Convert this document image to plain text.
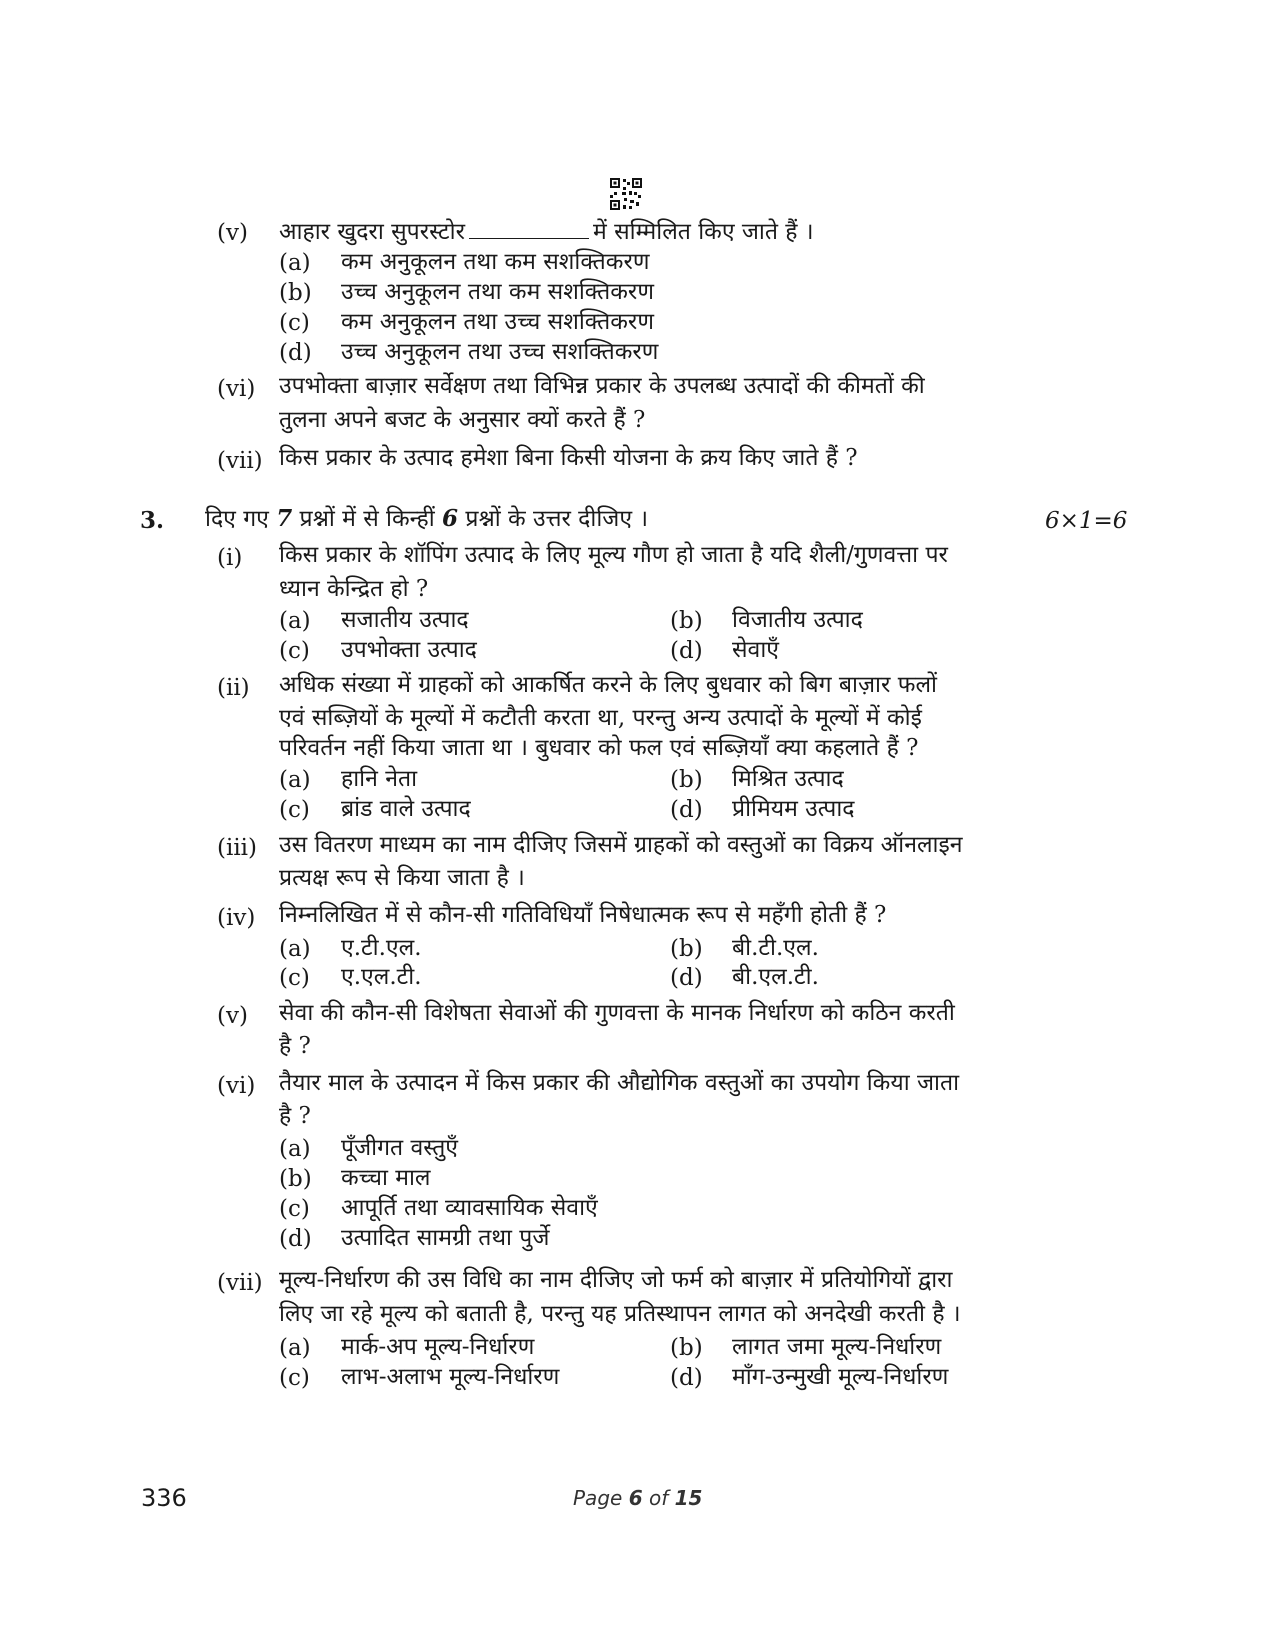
(v) आहार खुदरा सुपरस्टोर	में सम्मिलित किए जाते हैं ।
(a) कम अनुकूलन तथा कम सशक्तिकरण
(b) उच्च अनुकूलन तथा कम सशक्तिकरण
(c) कम अनुकूलन तथा उच्च सशक्तिकरण
(d) उच्च अनुकूलन तथा उच्च सशक्तिकरण
(vi) उपभोक्ता बाज़ार सर्वेक्षण तथा विभिन्न प्रकार के उपलब्ध उत्पादों की कीमतों की
तुलना अपने बजट के अनुसार क्यों करते हैं ?
(vii) किस प्रकार के उत्पाद हमेशा बिना किसी योजना के क्रय किए जाते हैं ?
3. दिए गए 7 प्रश्नों में से किन्हीं 6 प्रश्नों के उत्तर दीजिए ।	6×1=6
(i) किस प्रकार के शॉपिंग उत्पाद के लिए मूल्य गौण हो जाता है यदि शैली/गुणवत्ता पर
ध्यान केन्द्रित हो ?
(a) सजातीय उत्पाद	(b) विजातीय उत्पाद
(c) उपभोक्ता उत्पाद	(d) सेवाएँ
(ii) अधिक संख्या में ग्राहकों को आकर्षित करने के लिए बुधवार को बिग बाज़ार फलों
एवं सब्ज़ियों के मूल्यों में कटौती करता था, परन्तु अन्य उत्पादों के मूल्यों में कोई
परिवर्तन नहीं किया जाता था । बुधवार को फल एवं सब्ज़ियाँ क्या कहलाते हैं ?
(a) हानि नेता	(b) मिश्रित उत्पाद
(c) ब्रांड वाले उत्पाद	(d) प्रीमियम उत्पाद
(iii) उस वितरण माध्यम का नाम दीजिए जिसमें ग्राहकों को वस्तुओं का विक्रय ऑनलाइन
प्रत्यक्ष रूप से किया जाता है ।
(iv) निम्नलिखित में से कौन-सी गतिविधियाँ निषेधात्मक रूप से महँगी होती हैं ?
(a) ए.टी.एल.	(b) बी.टी.एल.
(c) ए.एल.टी.	(d) बी.एल.टी.
(v) सेवा की कौन-सी विशेषता सेवाओं की गुणवत्ता के मानक निर्धारण को कठिन करती
है ?
(vi) तैयार माल के उत्पादन में किस प्रकार की औद्योगिक वस्तुओं का उपयोग किया जाता
है ?
(a) पूँजीगत वस्तुएँ
(b) कच्चा माल
(c) आपूर्ति तथा व्यावसायिक सेवाएँ
(d) उत्पादित सामग्री तथा पुर्जे
(vii) मूल्य-निर्धारण की उस विधि का नाम दीजिए जो फर्म को बाज़ार में प्रतियोगियों द्वारा
लिए जा रहे मूल्य को बताती है, परन्तु यह प्रतिस्थापन लागत को अनदेखी करती है ।
(a) मार्क-अप मूल्य-निर्धारण	(b) लागत जमा मूल्य-निर्धारण
(c) लाभ-अलाभ मूल्य-निर्धारण	(d) माँग-उन्मुखी मूल्य-निर्धारण
336	Page 6 of 15
